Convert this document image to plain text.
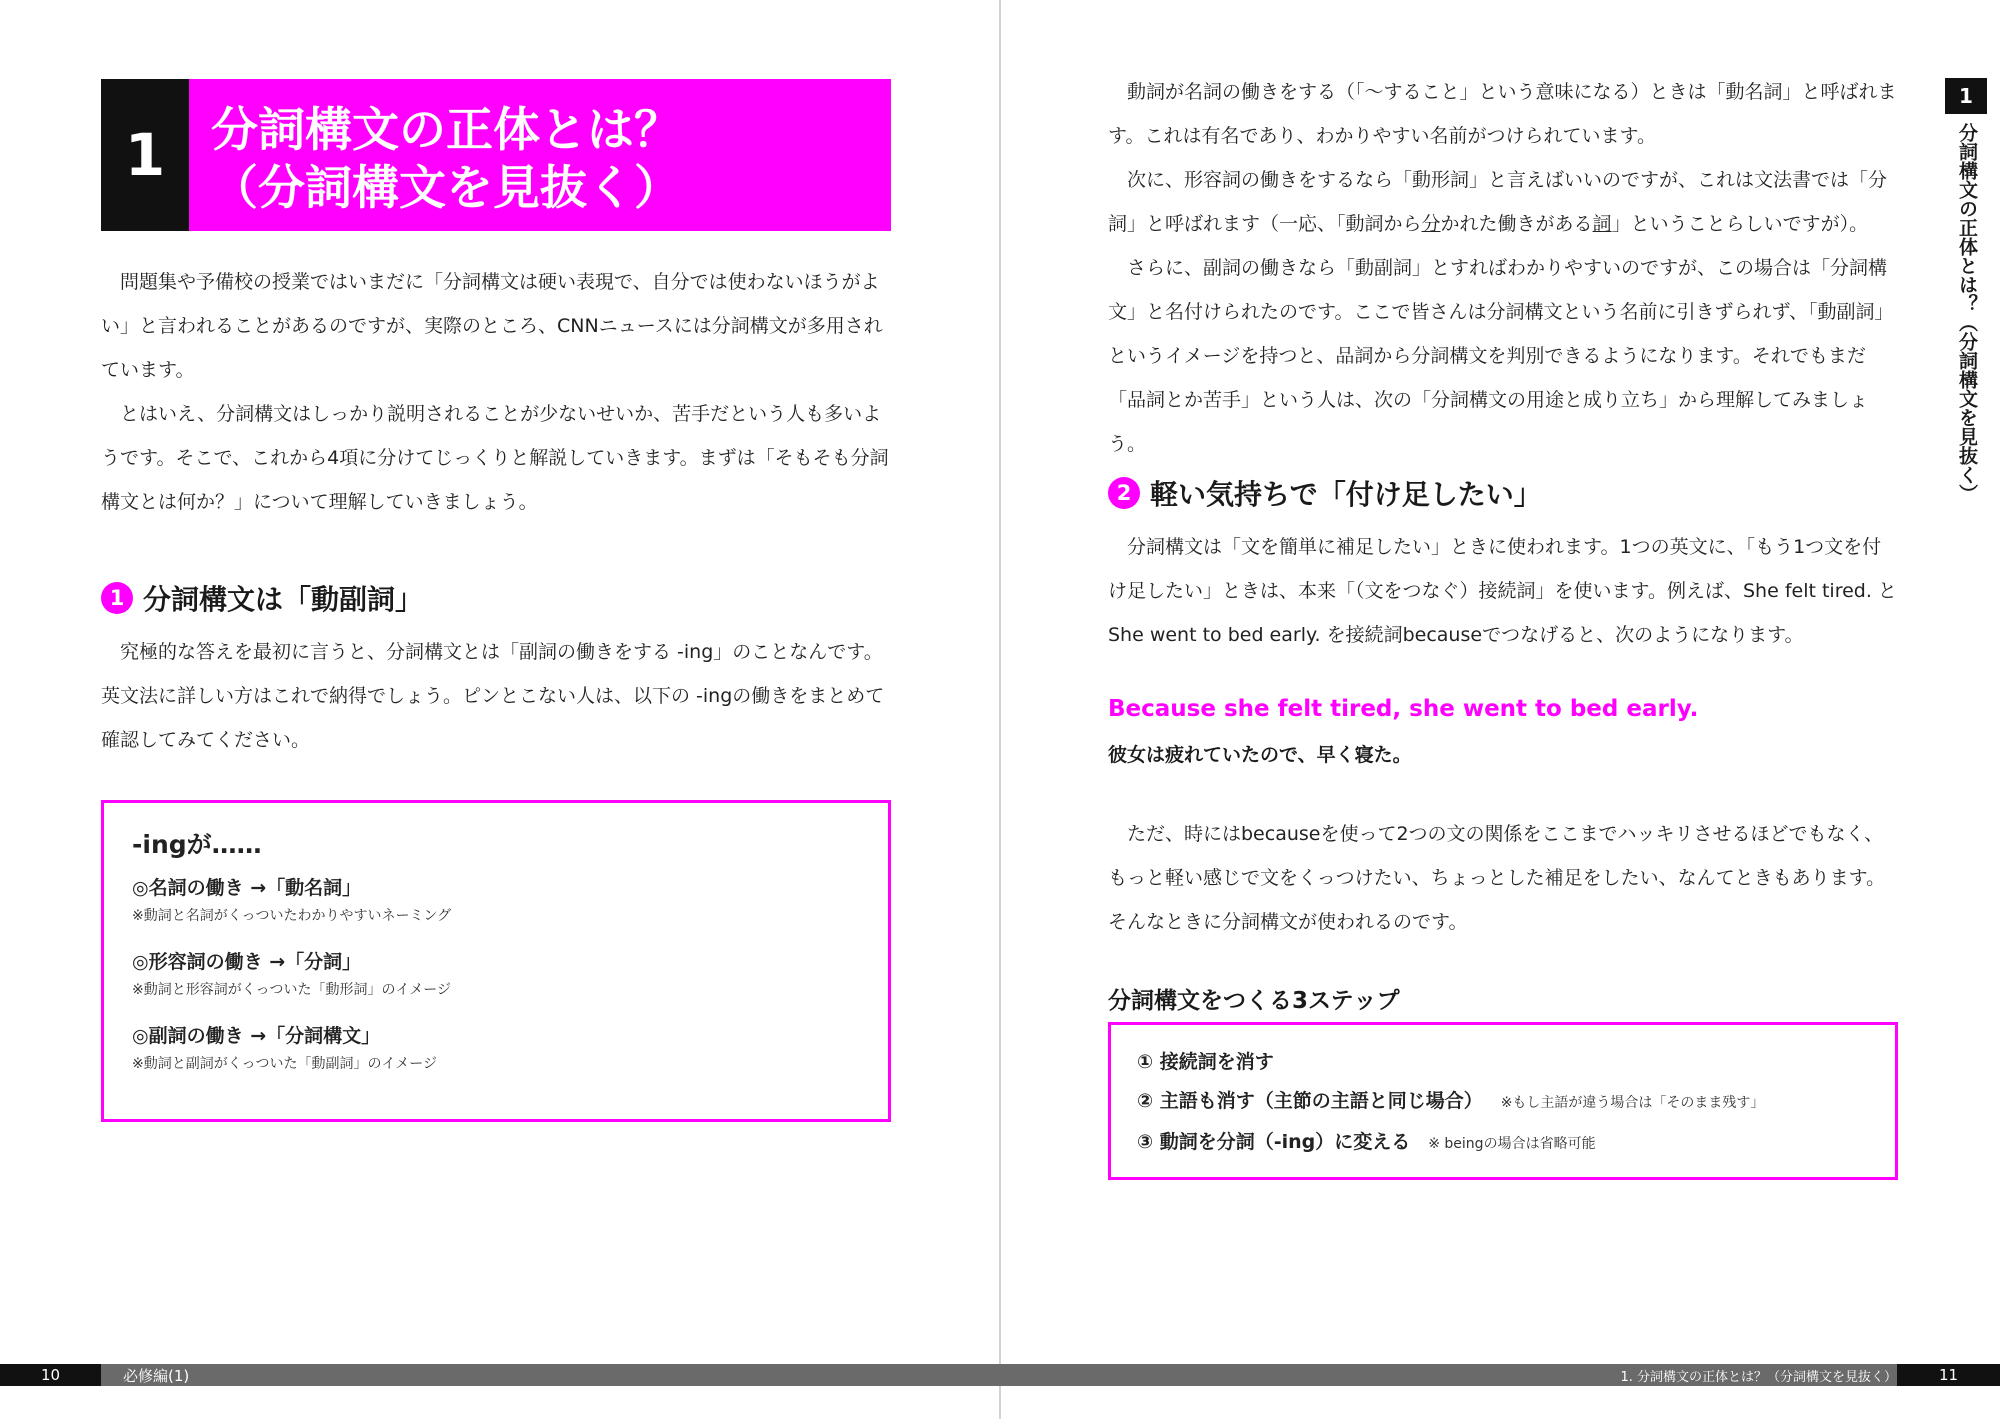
1 分詞構文の正体とは？
（分詞構文を見抜く）

問題集や予備校の授業ではいまだに「分詞構文は硬い表現で、自分では使わないほうがよい」と言われることがあるのですが、実際のところ、CNNニュースには分詞構文が多用されています。

とはいえ、分詞構文はしっかり説明されることが少ないせいか、苦手だという人も多いようです。そこで、これから4項に分けてじっくりと解説していきます。まずは「そもそも分詞構文とは何か？」について理解していきましょう。

1 分詞構文は「動副詞」

究極的な答えを最初に言うと、分詞構文とは「副詞の働きをする -ing」のことなんです。英文法に詳しい方はこれで納得でしょう。ピンとこない人は、以下の -ingの働きをまとめて確認してみてください。

-ingが……
◎名詞の働き →「動名詞」
※動詞と名詞がくっついたわかりやすいネーミング
◎形容詞の働き →「分詞」
※動詞と形容詞がくっついた「動形詞」のイメージ
◎副詞の働き →「分詞構文」
※動詞と副詞がくっついた「動副詞」のイメージ

動詞が名詞の働きをする（「〜すること」という意味になる）ときは「動名詞」と呼ばれます。これは有名であり、わかりやすい名前がつけられています。

次に、形容詞の働きをするなら「動形詞」と言えばいいのですが、これは文法書では「分詞」と呼ばれます（一応、「動詞から分かれた働きがある詞」ということらしいですが）。

さらに、副詞の働きなら「動副詞」とすればわかりやすいのですが、この場合は「分詞構文」と名付けられたのです。ここで皆さんは分詞構文という名前に引きずられず、「動副詞」というイメージを持つと、品詞から分詞構文を判別できるようになります。それでもまだ「品詞とか苦手」という人は、次の「分詞構文の用途と成り立ち」から理解してみましょう。

2 軽い気持ちで「付け足したい」

分詞構文は「文を簡単に補足したい」ときに使われます。1つの英文に、「もう1つ文を付け足したい」ときは、本来「（文をつなぐ）接続詞」を使います。例えば、She felt tired. とShe went to bed early. を接続詞becauseでつなげると、次のようになります。

Because she felt tired, she went to bed early.
彼女は疲れていたので、早く寝た。

ただ、時にはbecauseを使って2つの文の関係をここまでハッキリさせるほどでもなく、もっと軽い感じで文をくっつけたい、ちょっとした補足をしたい、なんてときもあります。そんなときに分詞構文が使われるのです。

分詞構文をつくる3ステップ
① 接続詞を消す
② 主語も消す（主節の主語と同じ場合） ※もし主語が違う場合は「そのまま残す」
③ 動詞を分詞（-ing）に変える ※ beingの場合は省略可能
1
分詞構文の正体とは？（分詞構文を見抜く）
10	必修編(1)	1. 分詞構文の正体とは？（分詞構文を見抜く）	11
